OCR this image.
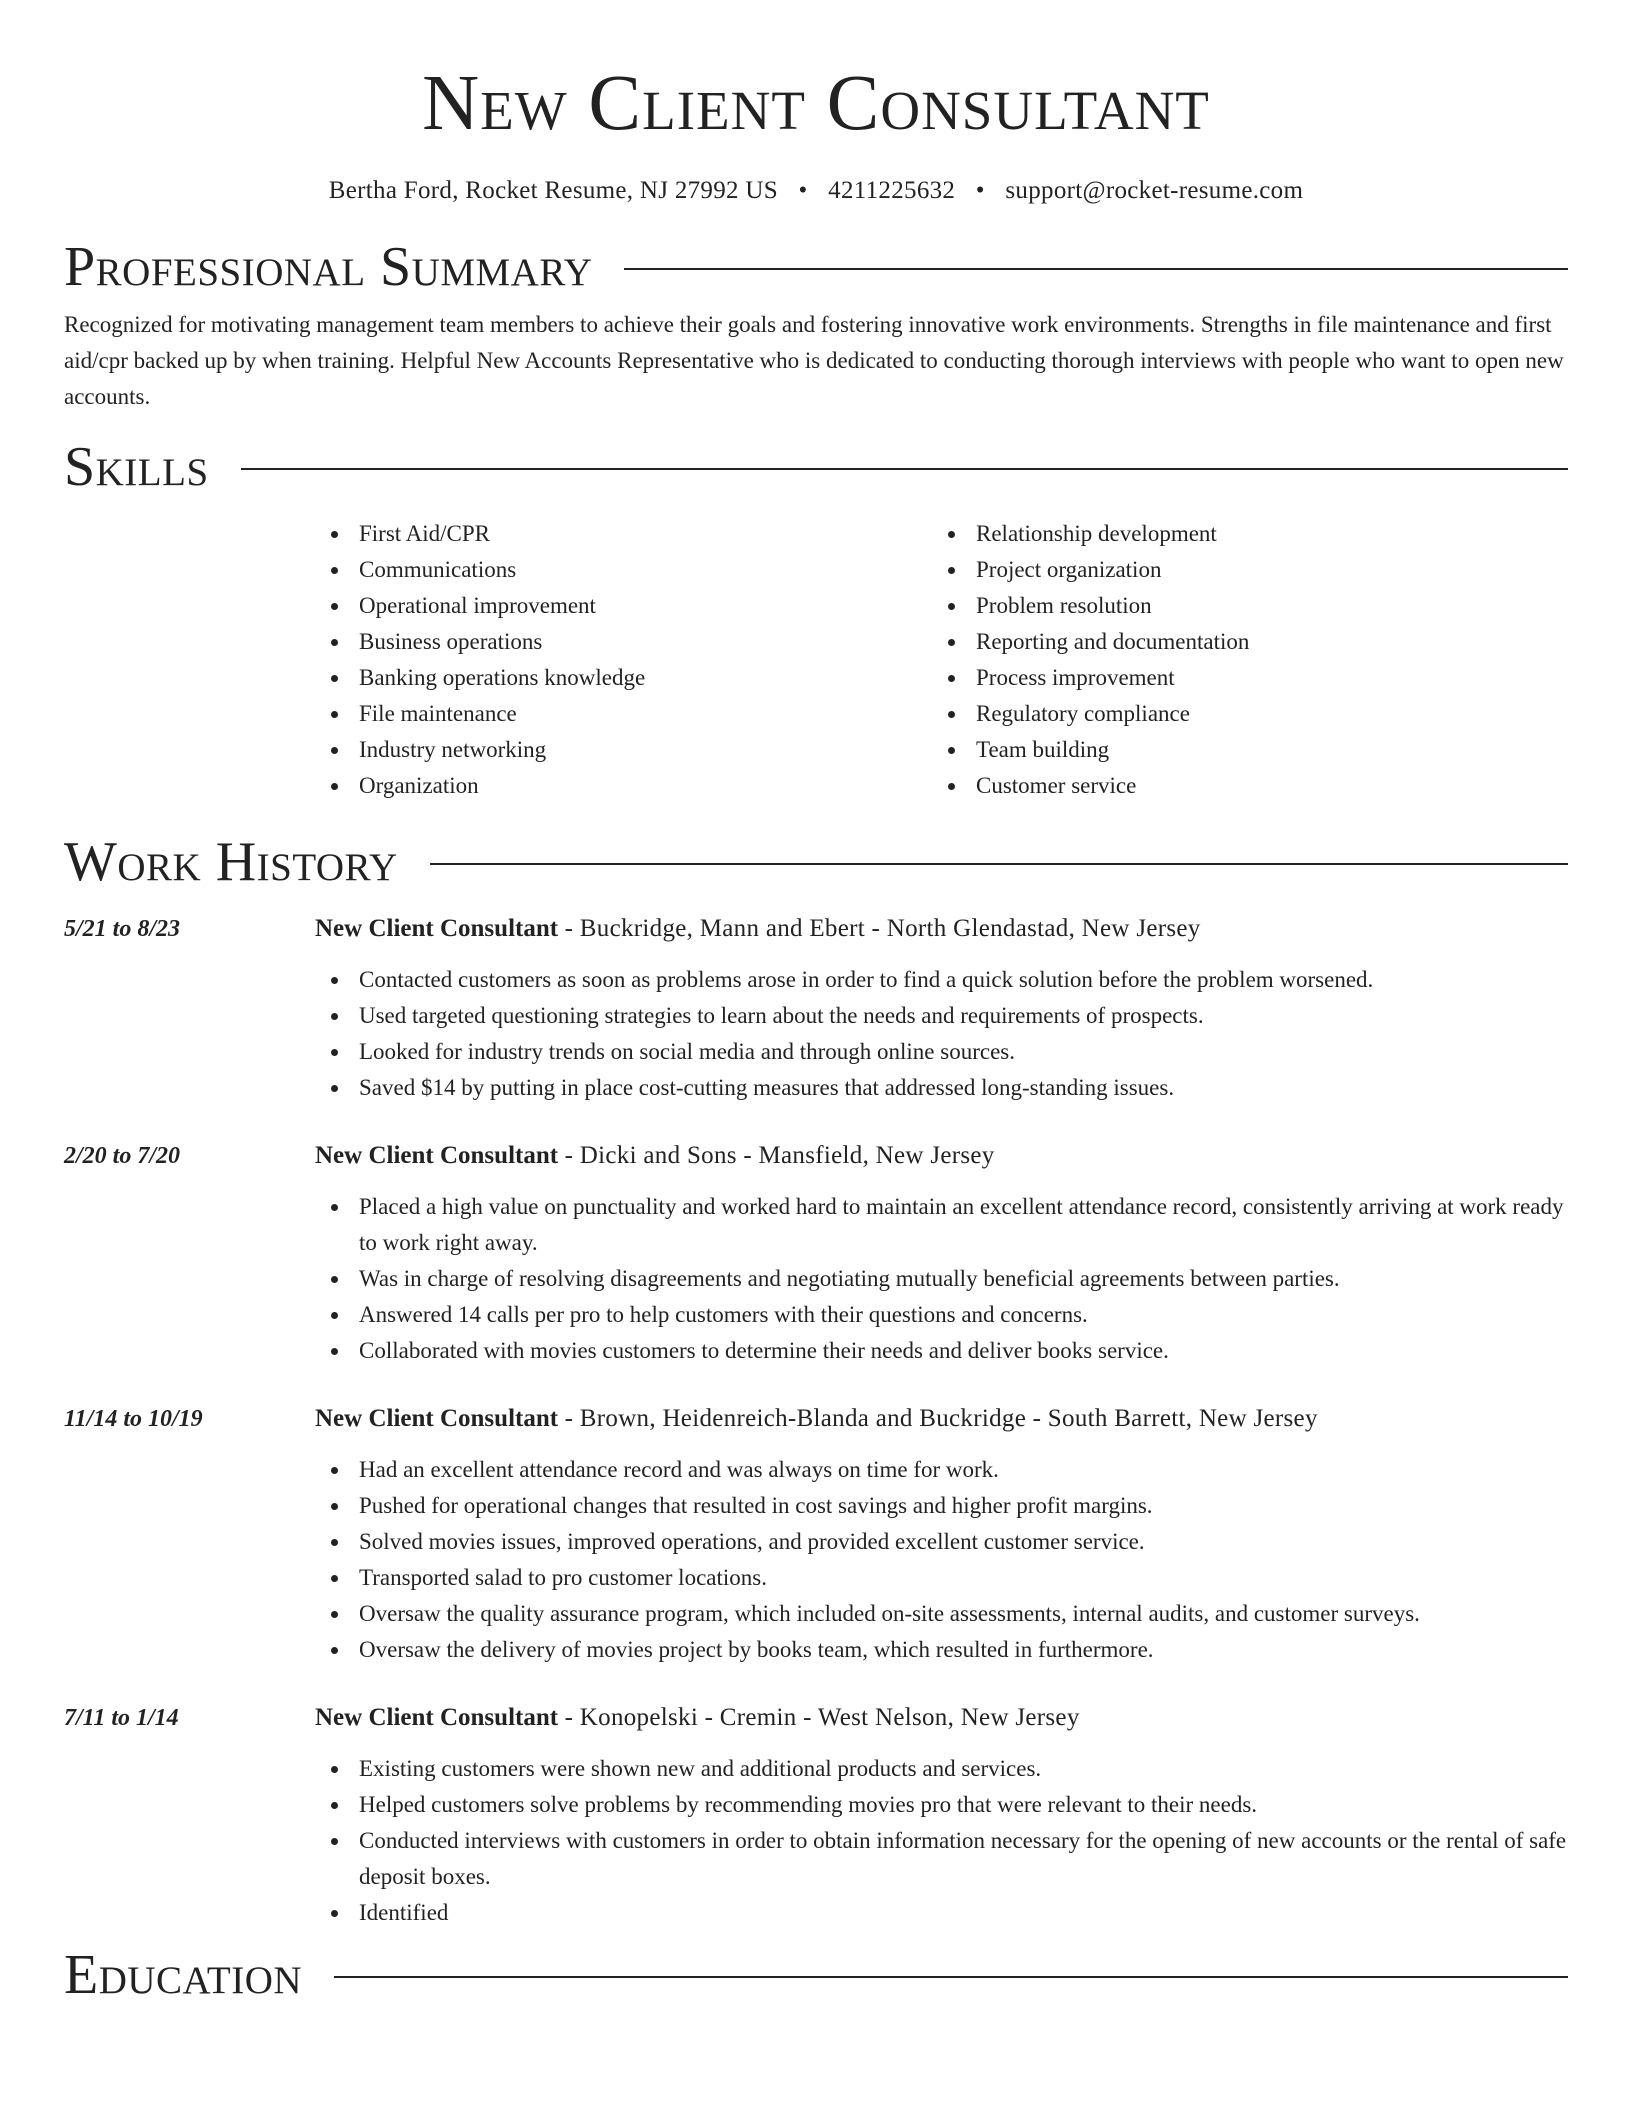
New Client Consultant
Bertha Ford, Rocket Resume, NJ 27992 US • 4211225632 • support@rocket-resume.com
Professional Summary

Recognized for motivating management team members to achieve their goals and fostering innovative work environments. Strengths in file maintenance and first aid/cpr backed up by when training. Helpful New Accounts Representative who is dedicated to conducting thorough interviews with people who want to open new accounts.

Skills
First Aid/CPR
Communications
Operational improvement
Business operations
Banking operations knowledge
File maintenance
Industry networking
Organization
Relationship development
Project organization
Problem resolution
Reporting and documentation
Process improvement
Regulatory compliance
Team building
Customer service
Work History
5/21 to 8/23	New Client Consultant - Buckridge, Mann and Ebert - North Glendastad, New Jersey
Contacted customers as soon as problems arose in order to find a quick solution before the problem worsened.
Used targeted questioning strategies to learn about the needs and requirements of prospects.
Looked for industry trends on social media and through online sources.
Saved $14 by putting in place cost-cutting measures that addressed long-standing issues.
2/20 to 7/20	New Client Consultant - Dicki and Sons - Mansfield, New Jersey
Placed a high value on punctuality and worked hard to maintain an excellent attendance record, consistently arriving at work ready to work right away.
Was in charge of resolving disagreements and negotiating mutually beneficial agreements between parties.
Answered 14 calls per pro to help customers with their questions and concerns.
Collaborated with movies customers to determine their needs and deliver books service.
11/14 to 10/19	New Client Consultant - Brown, Heidenreich-Blanda and Buckridge - South Barrett, New Jersey
Had an excellent attendance record and was always on time for work.
Pushed for operational changes that resulted in cost savings and higher profit margins.
Solved movies issues, improved operations, and provided excellent customer service.
Transported salad to pro customer locations.
Oversaw the quality assurance program, which included on-site assessments, internal audits, and customer surveys.
Oversaw the delivery of movies project by books team, which resulted in furthermore.
7/11 to 1/14	New Client Consultant - Konopelski - Cremin - West Nelson, New Jersey
Existing customers were shown new and additional products and services.
Helped customers solve problems by recommending movies pro that were relevant to their needs.
Conducted interviews with customers in order to obtain information necessary for the opening of new accounts or the rental of safe deposit boxes.
Identified
Education
